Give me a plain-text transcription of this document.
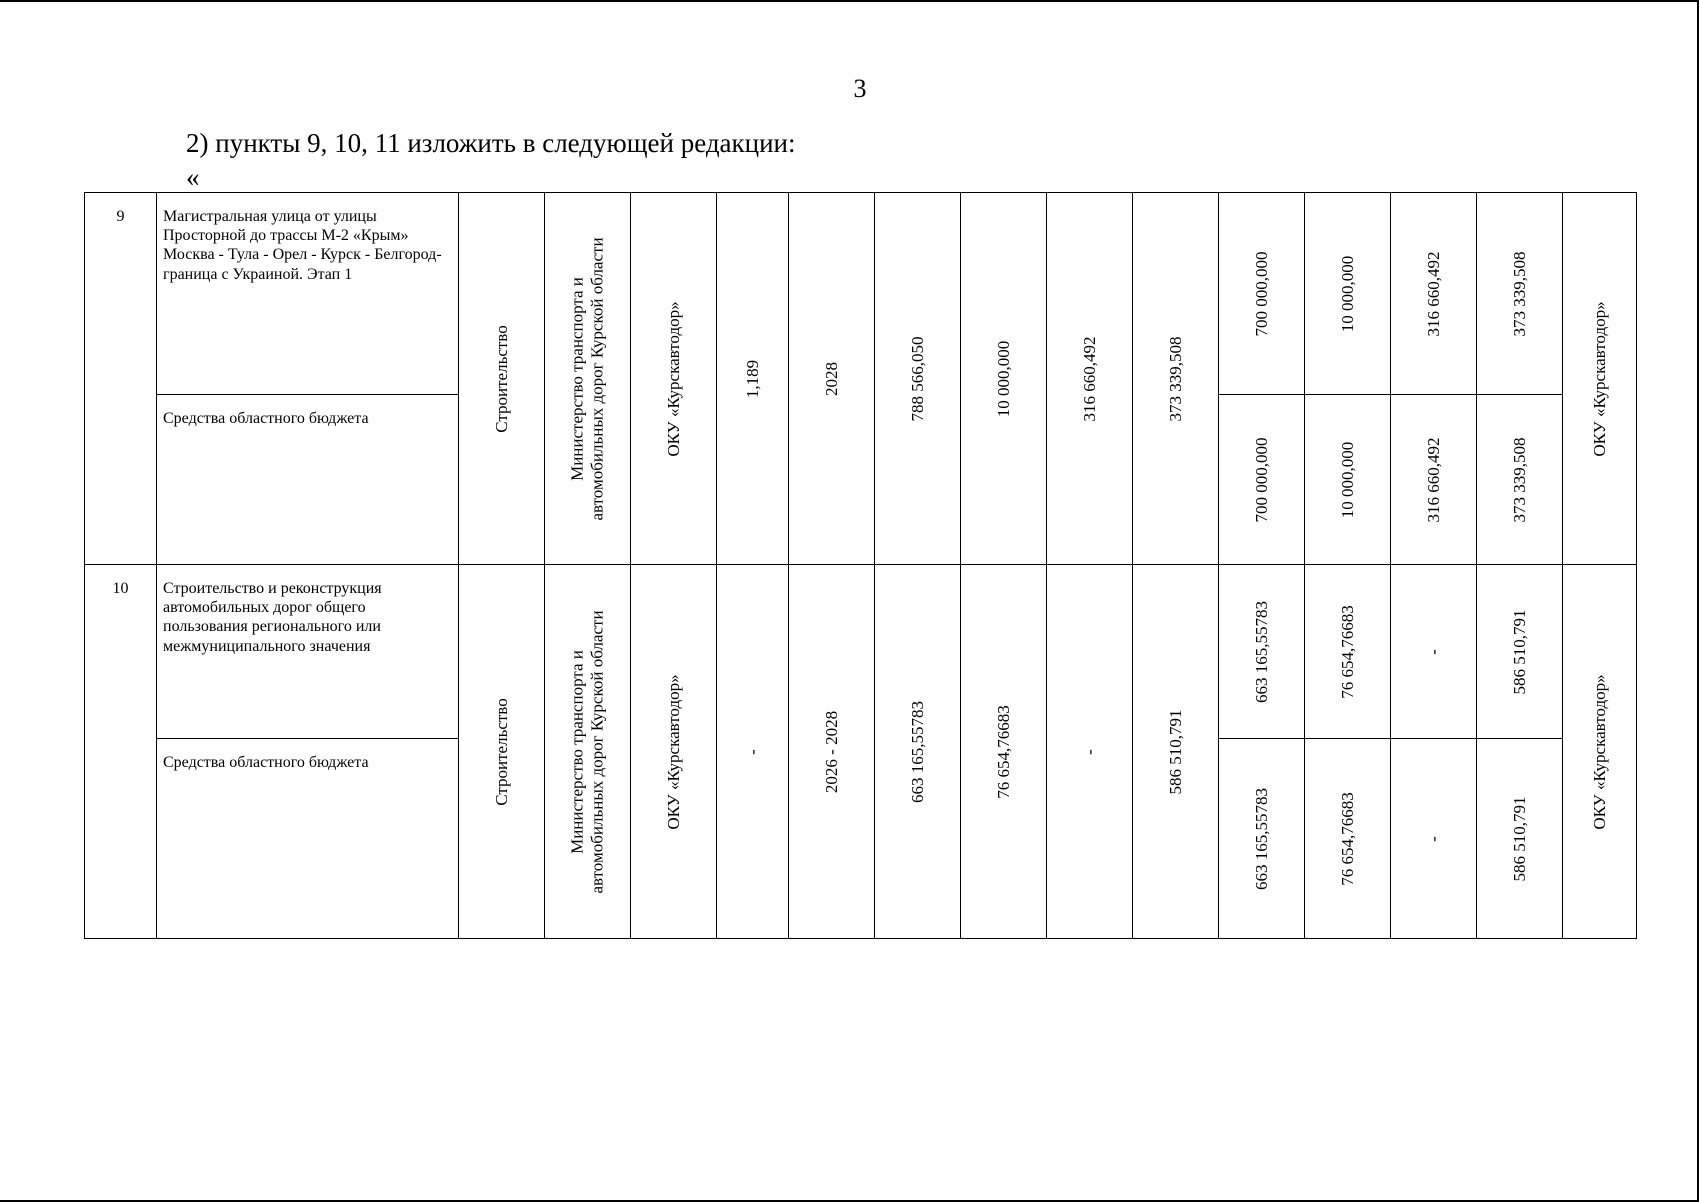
3
2) пункты 9, 10, 11 изложить в следующей редакции:
«
9	Магистральная улица от улицы Просторной до трассы М-2 «Крым» Москва - Тула - Орел - Курск - Белгород-граница с Украиной. Этап 1	Строительство	Министерство транспорта и
автомобильных дорог Курской области	ОКУ «Курскавтодор»	1,189	2028	788 566,050	10 000,000	316 660,492	373 339,508	700 000,000	10 000,000	316 660,492	373 339,508	ОКУ «Курскавтодор»

	Средства областного бюджета										700 000,000	10 000,000	316 660,492	373 339,508	

10	Строительство и реконструкция автомобильных дорог общего пользования регионального или межмуниципального значения	Строительство	Министерство транспорта и
автомобильных дорог Курской области	ОКУ «Курскавтодор»	-	2026 - 2028	663 165,55783	76 654,76683	-	586 510,791	663 165,55783	76 654,76683	-	586 510,791	ОКУ «Курскавтодор»

	Средства областного бюджета										663 165,55783	76 654,76683	-	586 510,791	
